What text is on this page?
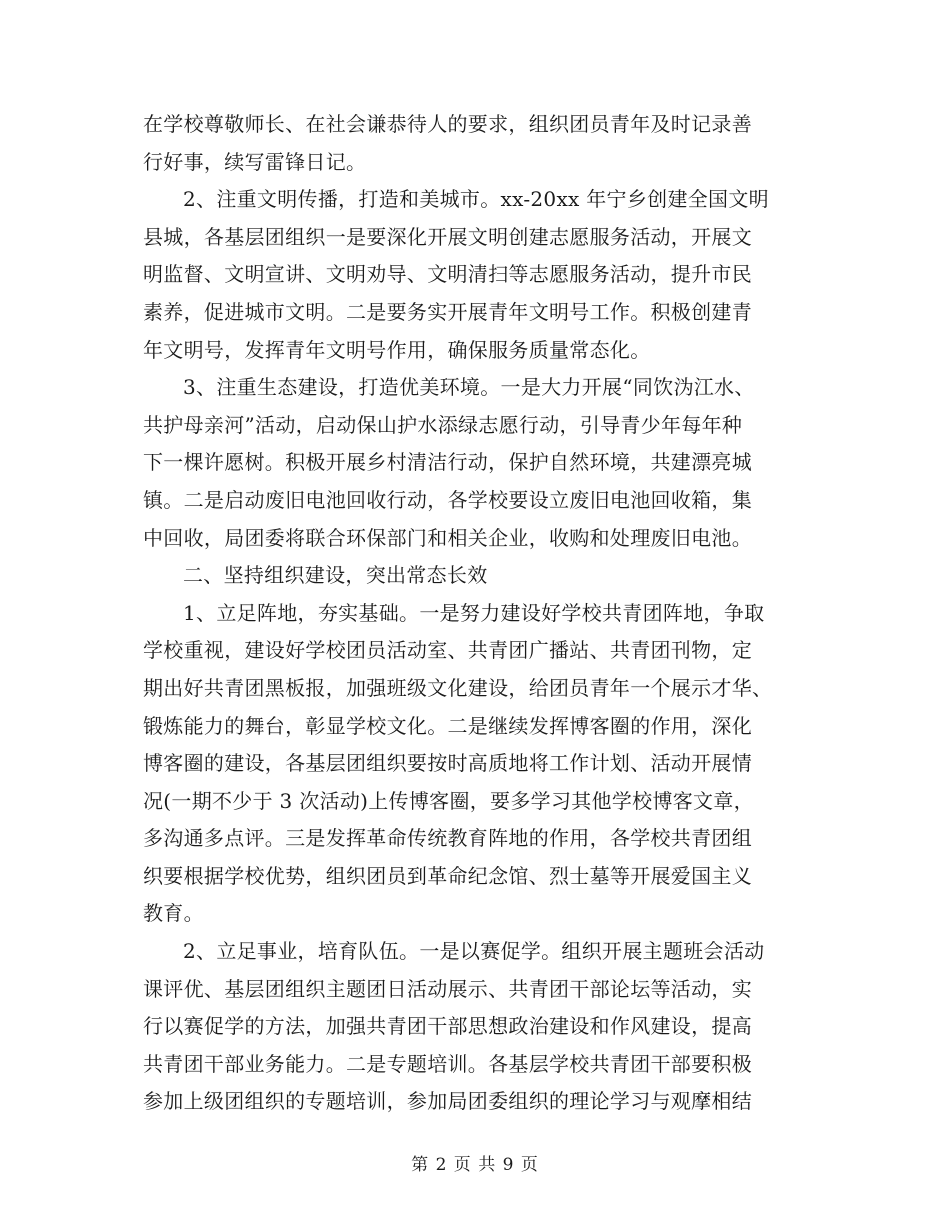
在学校尊敬师长、在社会谦恭待人的要求，组织团员青年及时记录善
行好事，续写雷锋日记。
2、注重文明传播，打造和美城市。xx-20xx 年宁乡创建全国文明
县城，各基层团组织一是要深化开展文明创建志愿服务活动，开展文
明监督、文明宣讲、文明劝导、文明清扫等志愿服务活动，提升市民
素养，促进城市文明。二是要务实开展青年文明号工作。积极创建青
年文明号，发挥青年文明号作用，确保服务质量常态化。
3、注重生态建设，打造优美环境。一是大力开展“同饮沩江水、
共护母亲河”活动，启动保山护水添绿志愿行动，引导青少年每年种
下一棵许愿树。积极开展乡村清洁行动，保护自然环境，共建漂亮城
镇。二是启动废旧电池回收行动，各学校要设立废旧电池回收箱，集
中回收，局团委将联合环保部门和相关企业，收购和处理废旧电池。
二、坚持组织建设，突出常态长效
1、立足阵地，夯实基础。一是努力建设好学校共青团阵地，争取
学校重视，建设好学校团员活动室、共青团广播站、共青团刊物，定
期出好共青团黑板报，加强班级文化建设，给团员青年一个展示才华、
锻炼能力的舞台，彰显学校文化。二是继续发挥博客圈的作用，深化
博客圈的建设，各基层团组织要按时高质地将工作计划、活动开展情
况(一期不少于 3 次活动)上传博客圈，要多学习其他学校博客文章，
多沟通多点评。三是发挥革命传统教育阵地的作用，各学校共青团组
织要根据学校优势，组织团员到革命纪念馆、烈士墓等开展爱国主义
教育。
2、立足事业，培育队伍。一是以赛促学。组织开展主题班会活动
课评优、基层团组织主题团日活动展示、共青团干部论坛等活动，实
行以赛促学的方法，加强共青团干部思想政治建设和作风建设，提高
共青团干部业务能力。二是专题培训。各基层学校共青团干部要积极
参加上级团组织的专题培训，参加局团委组织的理论学习与观摩相结
第 2 页 共 9 页
